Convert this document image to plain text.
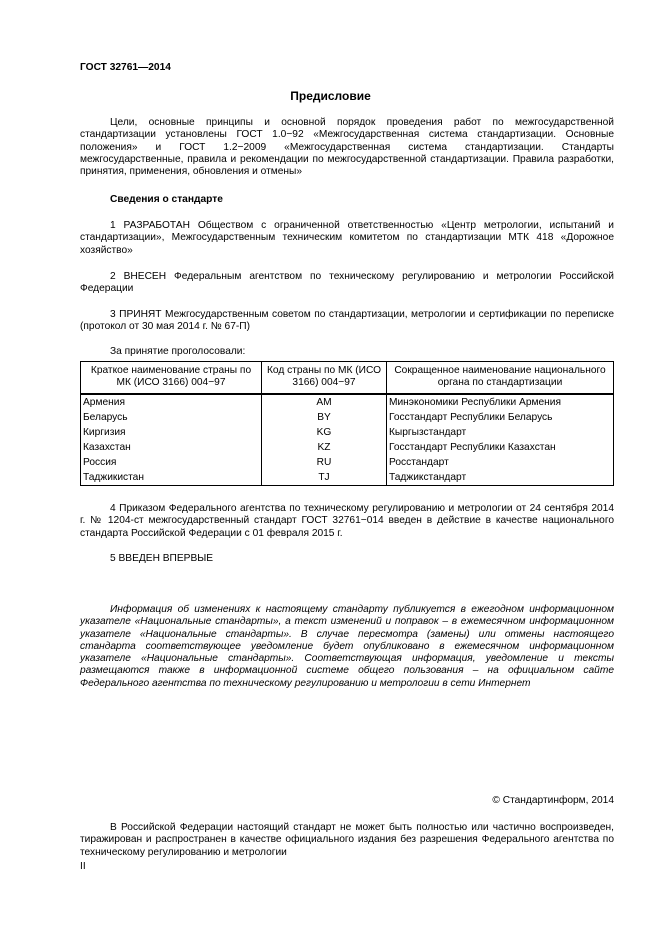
ГОСТ 32761—2014
Предисловие

Цели, основные принципы и основной порядок проведения работ по межгосударственной стандартизации установлены ГОСТ 1.0−92 «Межгосударственная система стандартизации. Основные положения» и ГОСТ 1.2−2009 «Межгосударственная система стандартизации. Стандарты межгосударственные, правила и рекомендации по межгосударственной стандартизации. Правила разработки, принятия, применения, обновления и отмены»

Сведения о стандарте

1 РАЗРАБОТАН Обществом с ограниченной ответственностью «Центр метрологии, испытаний и стандартизации», Межгосударственным техническим комитетом по стандартизации МТК 418 «Дорожное хозяйство»

2 ВНЕСЕН Федеральным агентством по техническому регулированию и метрологии Российской Федерации

3 ПРИНЯТ Межгосударственным советом по стандартизации, метрологии и сертификации по переписке (протокол от 30 мая 2014 г. № 67-П)

За принятие проголосовали:

Краткое наименование страны по МК (ИСО 3166) 004−97	Код страны по МК (ИСО 3166) 004−97	Сокращенное наименование национального органа по стандартизации
Армения	AM	Минэкономики Республики Армения
Беларусь	BY	Госстандарт Республики Беларусь
Киргизия	KG	Кыргызстандарт
Казахстан	KZ	Госстандарт Республики Казахстан
Россия	RU	Росстандарт
Таджикистан	TJ	Таджикстандарт

4 Приказом Федерального агентства по техническому регулированию и метрологии от 24 сентября 2014 г. № 1204-ст межгосударственный стандарт ГОСТ 32761−014 введен в действие в качестве национального стандарта Российской Федерации с 01 февраля 2015 г.

5 ВВЕДЕН ВПЕРВЫЕ

Информация об изменениях к настоящему стандарту публикуется в ежегодном информационном указателе «Национальные стандарты», а текст изменений и поправок – в ежемесячном информационном указателе «Национальные стандарты». В случае пересмотра (замены) или отмены настоящего стандарта соответствующее уведомление будет опубликовано в ежемесячном информационном указателе «Национальные стандарты». Соответствующая информация, уведомление и тексты размещаются также в информационной системе общего пользования – на официальном сайте Федерального агентства по техническому регулированию и метрологии в сети Интернет

© Стандартинформ, 2014

В Российской Федерации настоящий стандарт не может быть полностью или частично воспроизведен, тиражирован и распространен в качестве официального издания без разрешения Федерального агентства по техническому регулированию и метрологии

II
